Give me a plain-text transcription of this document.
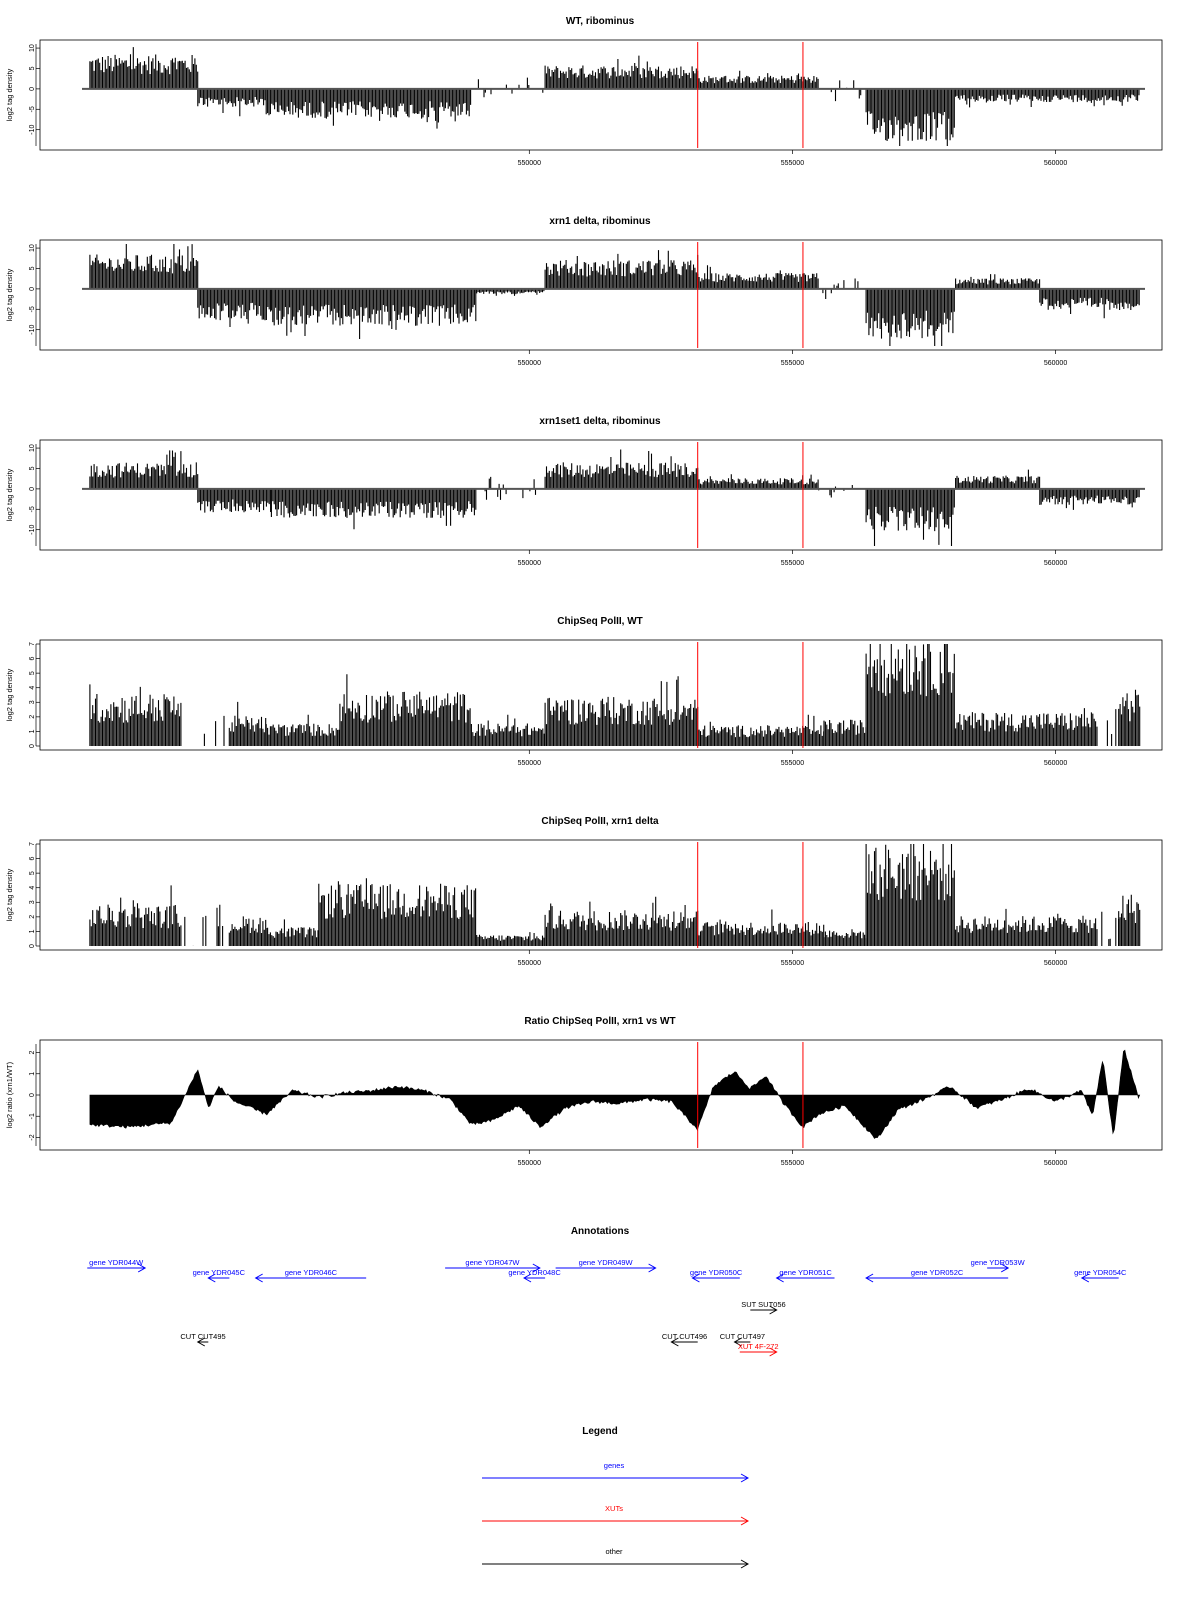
WT, ribominus
10
5
0
-5
-10
log2 tag density
550000	555000	560000
xrn1 delta, ribominus
10
5
0
-5
-10
log2 tag density
550000	555000	560000
xrn1set1 delta, ribominus
10
5
0
-5
-10
log2 tag density
550000	555000	560000
ChipSeq PolII, WT
7
6
5
4
3
2
1
0
log2 tag density
550000	555000	560000
ChipSeq PolII, xrn1 delta
7
6
5
4
3
2
1
0
log2 tag density
550000	555000	560000
Ratio ChipSeq PolII, xrn1 vs WT
2
1
0
-1
-2
log2 ratio (xrn1/WT)
550000	555000	560000
Annotations
gene YDR044W
gene YDR045C	gene YDR046C
gene YDR047W
gene YDR048C
gene YDR049W
gene YDR050C	gene YDR051C	gene YDR052C
gene YDR053W
gene YDR054C
SUT SUT056
CUT CUT495	CUT CUT496 CUT CUT497
XUT 4F-272
Legend
genes
XUTs
other
